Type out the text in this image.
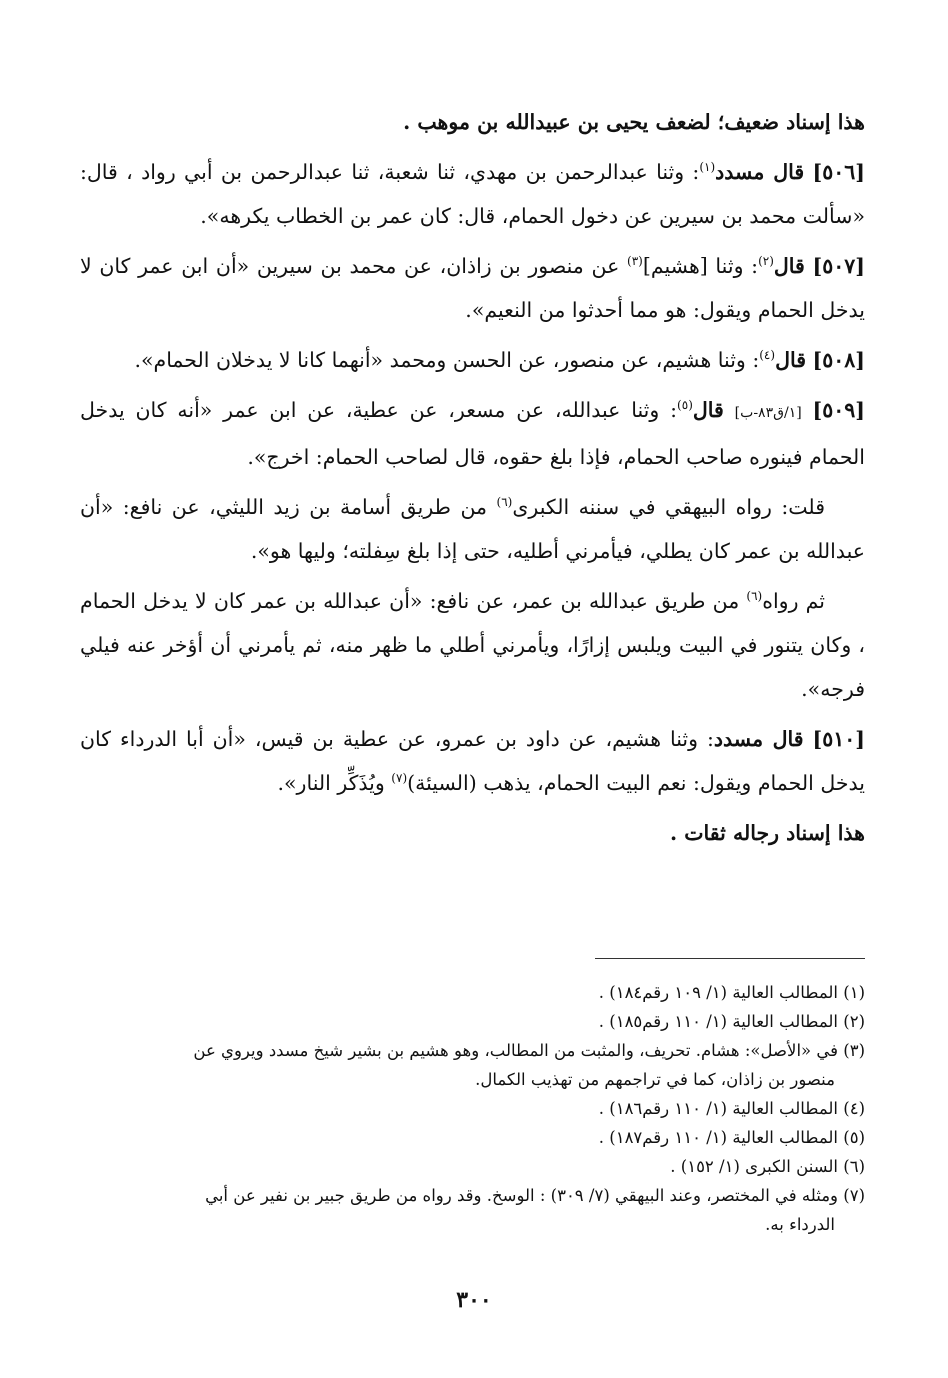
هذا إسناد ضعيف؛ لضعف يحيى بن عبيدالله بن موهب .

[٥٠٦] قال مسدد$^{(١)}$: وثنا عبدالرحمن بن مهدي، ثنا شعبة، ثنا عبدالرحمن بن أبي رواد ، قال: «سألت محمد بن سيرين عن دخول الحمام، قال: كان عمر بن الخطاب يكرهه».

[٥٠٧] قال$^{(٢)}$: وثنا [هشيم]$^{(٣)}$ عن منصور بن زاذان، عن محمد بن سيرين «أن ابن عمر كان لا يدخل الحمام ويقول: هو مما أحدثوا من النعيم».

[٥٠٨] قال$^{(٤)}$: وثنا هشيم، عن منصور، عن الحسن ومحمد «أنهما كانا لا يدخلان الحمام».

[٥٠٩] [١/ق٨٣-ب] قال$^{(٥)}$: وثنا عبدالله، عن مسعر، عن عطية، عن ابن عمر «أنه كان يدخل الحمام فينوره صاحب الحمام، فإذا بلغ حقوه، قال لصاحب الحمام: اخرج».

قلت: رواه البيهقي في سننه الكبرى$^{(٦)}$ من طريق أسامة بن زيد الليثي، عن نافع: «أن عبدالله بن عمر كان يطلي، فيأمرني أطليه، حتى إذا بلغ سِفلته؛ وليها هو».

ثم رواه$^{(٦)}$ من طريق عبدالله بن عمر، عن نافع: «أن عبدالله بن عمر كان لا يدخل الحمام ، وكان يتنور في البيت ويلبس إزارًا، ويأمرني أطلي ما ظهر منه، ثم يأمرني أن أؤخر عنه فيلي فرجه».

[٥١٠] قال مسدد: وثنا هشيم، عن داود بن عمرو، عن عطية بن قيس، «أن أبا الدرداء كان يدخل الحمام ويقول: نعم البيت الحمام، يذهب (السيئة)$^{(٧)}$ ويُذَكِّر النار».

هذا إسناد رجاله ثقات .

(١) المطالب العالية (١/ ١٠٩ رقم١٨٤) .

(٢) المطالب العالية (١/ ١١٠ رقم١٨٥) .

(٣) في «الأصل»: هشام. تحريف، والمثبت من المطالب، وهو هشيم بن بشير شيخ مسدد ويروي عن
منصور بن زاذان، كما في تراجمهم من تهذيب الكمال.

(٤) المطالب العالية (١/ ١١٠ رقم١٨٦) .

(٥) المطالب العالية (١/ ١١٠ رقم١٨٧) .

(٦) السنن الكبرى (١/ ١٥٢) .

(٧) ومثله في المختصر، وعند البيهقي (٧/ ٣٠٩) : الوسخ. وقد رواه من طريق جبير بن نفير عن أبي
الدرداء به.

٣٠٠
